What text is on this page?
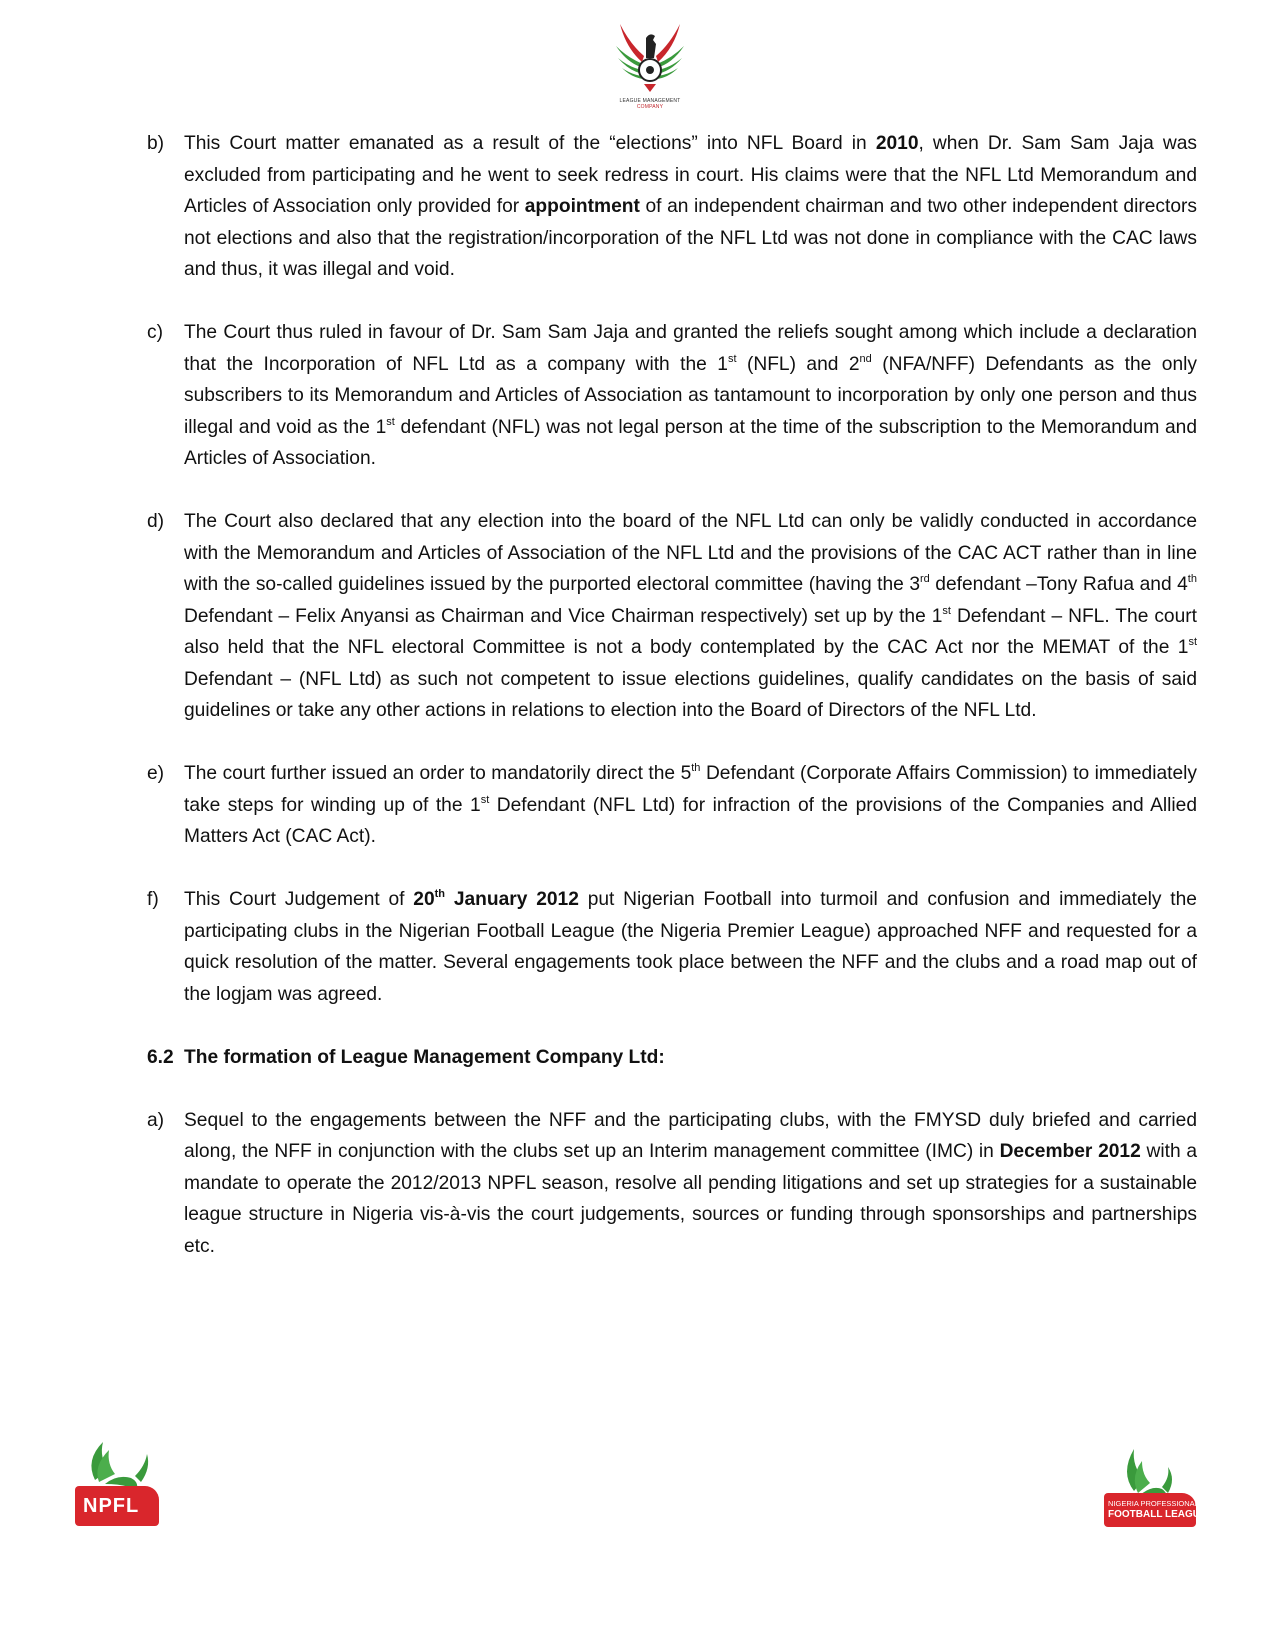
LEAGUE MANAGEMENT
COMPANY
b) This Court matter emanated as a result of the “elections” into NFL Board in 2010, when Dr. Sam Sam Jaja was excluded from participating and he went to seek redress in court. His claims were that the NFL Ltd Memorandum and Articles of Association only provided for appointment of an independent chairman and two other independent directors not elections and also that the registration/incorporation of the NFL Ltd was not done in compliance with the CAC laws and thus, it was illegal and void.

c) The Court thus ruled in favour of Dr. Sam Sam Jaja and granted the reliefs sought among which include a declaration that the Incorporation of NFL Ltd as a company with the 1st (NFL) and 2nd (NFA/NFF) Defendants as the only subscribers to its Memorandum and Articles of Association as tantamount to incorporation by only one person and thus illegal and void as the 1st defendant (NFL) was not legal person at the time of the subscription to the Memorandum and Articles of Association.

d) The Court also declared that any election into the board of the NFL Ltd can only be validly conducted in accordance with the Memorandum and Articles of Association of the NFL Ltd and the provisions of the CAC ACT rather than in line with the so-called guidelines issued by the purported electoral committee (having the 3rd defendant –Tony Rafua and 4th Defendant – Felix Anyansi as Chairman and Vice Chairman respectively) set up by the 1st Defendant – NFL. The court also held that the NFL electoral Committee is not a body contemplated by the CAC Act nor the MEMAT of the 1st Defendant – (NFL Ltd) as such not competent to issue elections guidelines, qualify candidates on the basis of said guidelines or take any other actions in relations to election into the Board of Directors of the NFL Ltd.

e) The court further issued an order to mandatorily direct the 5th Defendant (Corporate Affairs Commission) to immediately take steps for winding up of the 1st Defendant (NFL Ltd) for infraction of the provisions of the Companies and Allied Matters Act (CAC Act).

f) This Court Judgement of 20th January 2012 put Nigerian Football into turmoil and confusion and immediately the participating clubs in the Nigerian Football League (the Nigeria Premier League) approached NFF and requested for a quick resolution of the matter. Several engagements took place between the NFF and the clubs and a road map out of the logjam was agreed.

6.2 The formation of League Management Company Ltd:
a) Sequel to the engagements between the NFF and the participating clubs, with the FMYSD duly briefed and carried along, the NFF in conjunction with the clubs set up an Interim management committee (IMC) in December 2012 with a mandate to operate the 2012/2013 NPFL season, resolve all pending litigations and set up strategies for a sustainable league structure in Nigeria vis-à-vis the court judgements, sources or funding through sponsorships and partnerships etc.

NPFL	NIGERIA PROFESSIONAL
FOOTBALL LEAGUE
